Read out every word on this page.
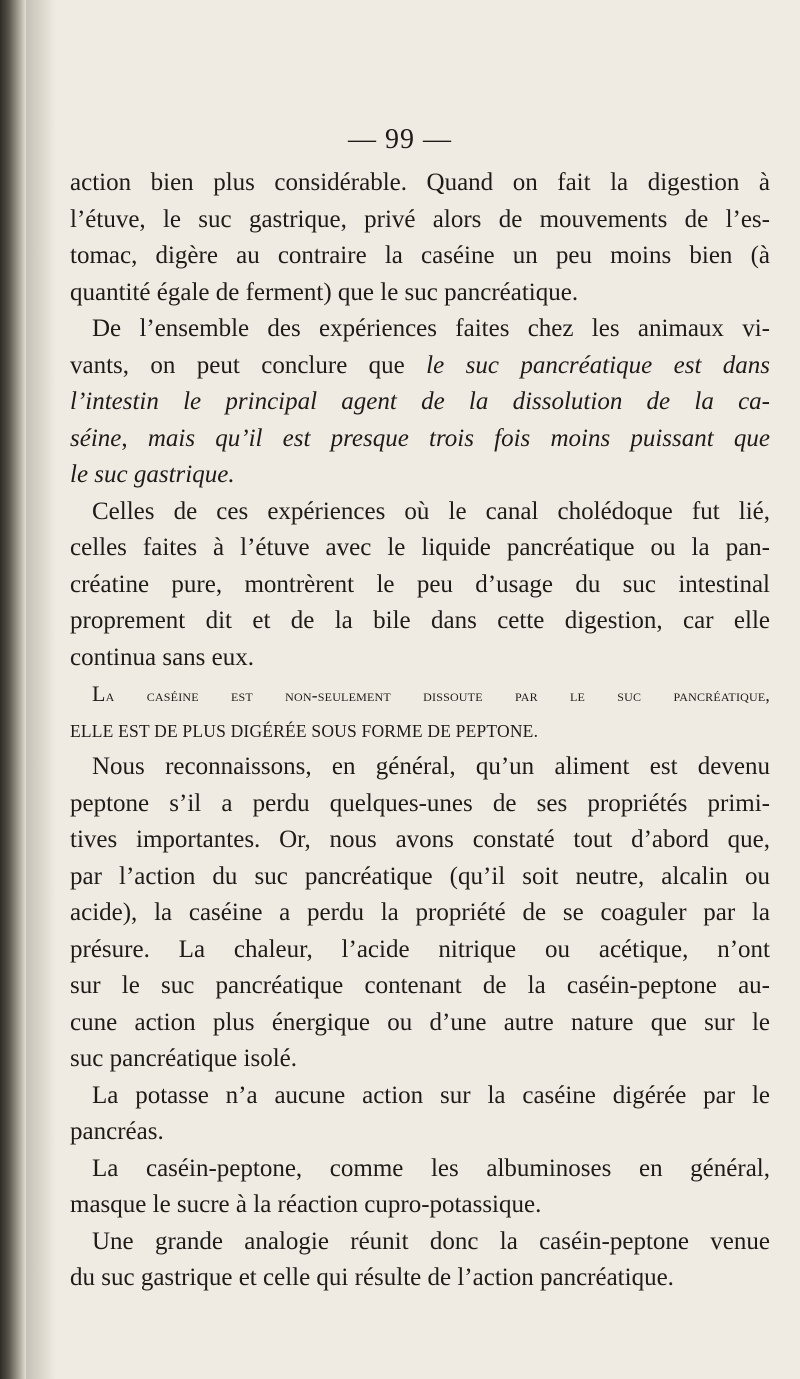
— 99 —
action bien plus considérable. Quand on fait la digestion à
l’étuve, le suc gastrique, privé alors de mouvements de l’es-
tomac, digère au contraire la caséine un peu moins bien (à
quantité égale de ferment) que le suc pancréatique.
De l’ensemble des expériences faites chez les animaux vi-
vants, on peut conclure que le suc pancréatique est dans
l’intestin le principal agent de la dissolution de la ca-
séine, mais qu’il est presque trois fois moins puissant que
le suc gastrique.
Celles de ces expériences où le canal cholédoque fut lié,
celles faites à l’étuve avec le liquide pancréatique ou la pan-
créatine pure, montrèrent le peu d’usage du suc intestinal
proprement dit et de la bile dans cette digestion, car elle
continua sans eux.
La caséine est non-seulement dissoute par le suc pancréatique,
ELLE EST DE PLUS DIGÉRÉE SOUS FORME DE PEPTONE.
Nous reconnaissons, en général, qu’un aliment est devenu
peptone s’il a perdu quelques-unes de ses propriétés primi-
tives importantes. Or, nous avons constaté tout d’abord que,
par l’action du suc pancréatique (qu’il soit neutre, alcalin ou
acide), la caséine a perdu la propriété de se coaguler par la
présure. La chaleur, l’acide nitrique ou acétique, n’ont
sur le suc pancréatique contenant de la caséin-peptone au-
cune action plus énergique ou d’une autre nature que sur le
suc pancréatique isolé.
La potasse n’a aucune action sur la caséine digérée par le
pancréas.
La caséin-peptone, comme les albuminoses en général,
masque le sucre à la réaction cupro-potassique.
Une grande analogie réunit donc la caséin-peptone venue
du suc gastrique et celle qui résulte de l’action pancréatique.
